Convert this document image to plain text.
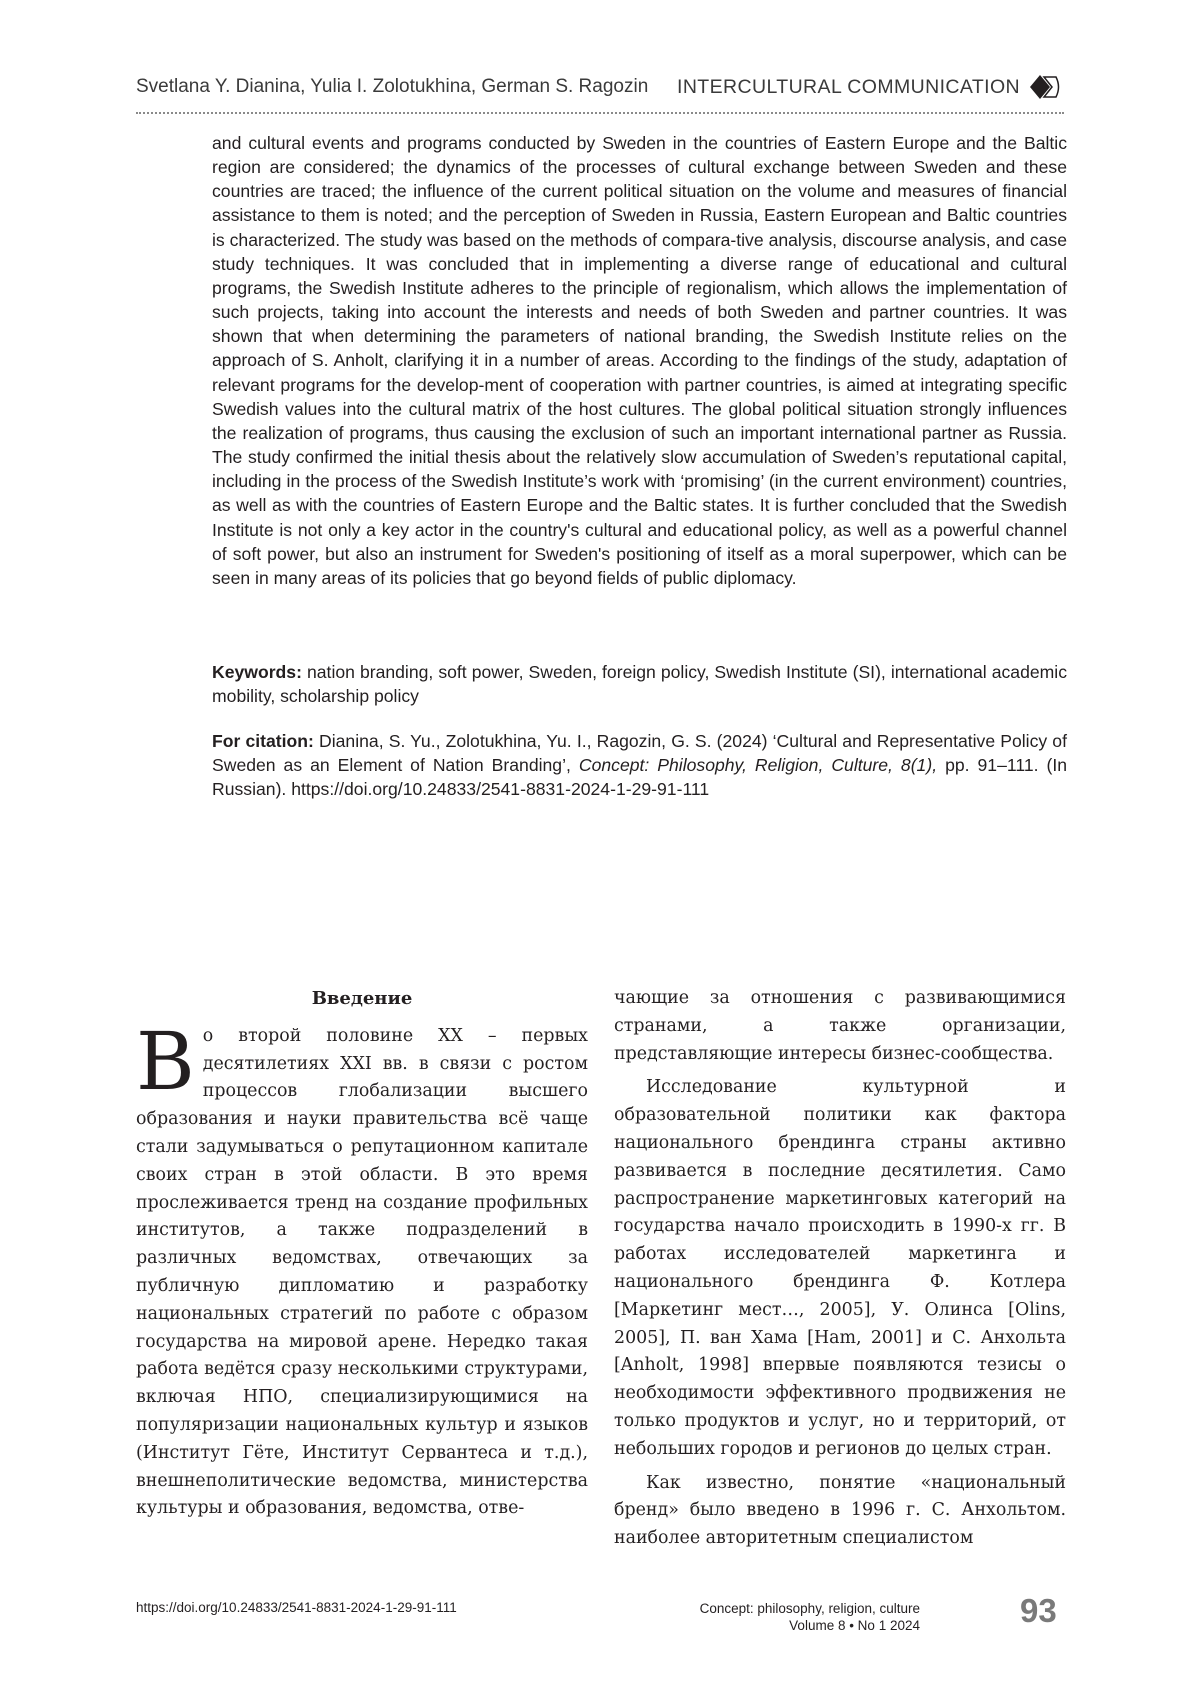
Svetlana Y. Dianina, Yulia I. Zolotukhina, German S. Ragozin INTERCULTURAL COMMUNICATION

and cultural events and programs conducted by Sweden in the countries of Eastern Europe and the Baltic region are considered; the dynamics of the processes of cultural exchange between Sweden and these countries are traced; the influence of the current political situation on the volume and measures of financial assistance to them is noted; and the perception of Sweden in Russia, Eastern European and Baltic countries is characterized. The study was based on the methods of compara-tive analysis, discourse analysis, and case study techniques. It was concluded that in implementing a diverse range of educational and cultural programs, the Swedish Institute adheres to the principle of regionalism, which allows the implementation of such projects, taking into account the interests and needs of both Sweden and partner countries. It was shown that when determining the parameters of national branding, the Swedish Institute relies on the approach of S. Anholt, clarifying it in a number of areas. According to the findings of the study, adaptation of relevant programs for the develop-ment of cooperation with partner countries, is aimed at integrating specific Swedish values into the cultural matrix of the host cultures. The global political situation strongly influences the realization of programs, thus causing the exclusion of such an important international partner as Russia. The study confirmed the initial thesis about the relatively slow accumulation of Sweden’s reputational capital, including in the process of the Swedish Institute’s work with ‘promising’ (in the current environment) countries, as well as with the countries of Eastern Europe and the Baltic states. It is further concluded that the Swedish Institute is not only a key actor in the country's cultural and educational policy, as well as a powerful channel of soft power, but also an instrument for Sweden's positioning of itself as a moral superpower, which can be seen in many areas of its policies that go beyond fields of public diplomacy.

Keywords: nation branding, soft power, Sweden, foreign policy, Swedish Institute (SI), international academic mobility, scholarship policy

For citation: Dianina, S. Yu., Zolotukhina, Yu. I., Ragozin, G. S. (2024) ‘Cultural and Representative Policy of Sweden as an Element of Nation Branding’, Concept: Philosophy, Religion, Culture, 8(1), pp. 91–111. (In Russian). https://doi.org/10.24833/2541-8831-2024-1-29-91-111

Введение

Во второй половине XX – первых десятилетиях XXI вв. в связи с ростом процессов глобализации высшего образования и науки правительства всё чаще стали задумываться о репутационном капитале своих стран в этой области. В это время прослеживается тренд на создание профильных институтов, а также подразделений в различных ведомствах, отвечающих за публичную дипломатию и разработку национальных стратегий по работе с образом государства на мировой арене. Нередко такая работа ведётся сразу несколькими структурами, включая НПО, специализирующимися на популяризации национальных культур и языков (Институт Гёте, Институт Сервантеса и т.д.), внешнеполитические ведомства, министерства культуры и образования, ведомства, отве-

чающие за отношения с развивающимися странами, а также организации, представляющие интересы бизнес-сообщества.

Исследование культурной и образовательной политики как фактора национального брендинга страны активно развивается в последние десятилетия. Само распространение маркетинговых категорий на государства начало происходить в 1990-х гг. В работах исследователей маркетинга и национального брендинга Ф. Котлера [Маркетинг мест…, 2005], У. Олинса [Olins, 2005], П. ван Хама [Ham, 2001] и С. Анхольта [Anholt, 1998] впервые появляются тезисы о необходимости эффективного продвижения не только продуктов и услуг, но и территорий, от небольших городов и регионов до целых стран.

Как известно, понятие «национальный бренд» было введено в 1996 г. С. Анхольтом. наиболее авторитетным специалистом

https://doi.org/10.24833/2541-8831-2024-1-29-91-111	Concept: philosophy, religion, culture
Volume 8 • No 1 2024	93
